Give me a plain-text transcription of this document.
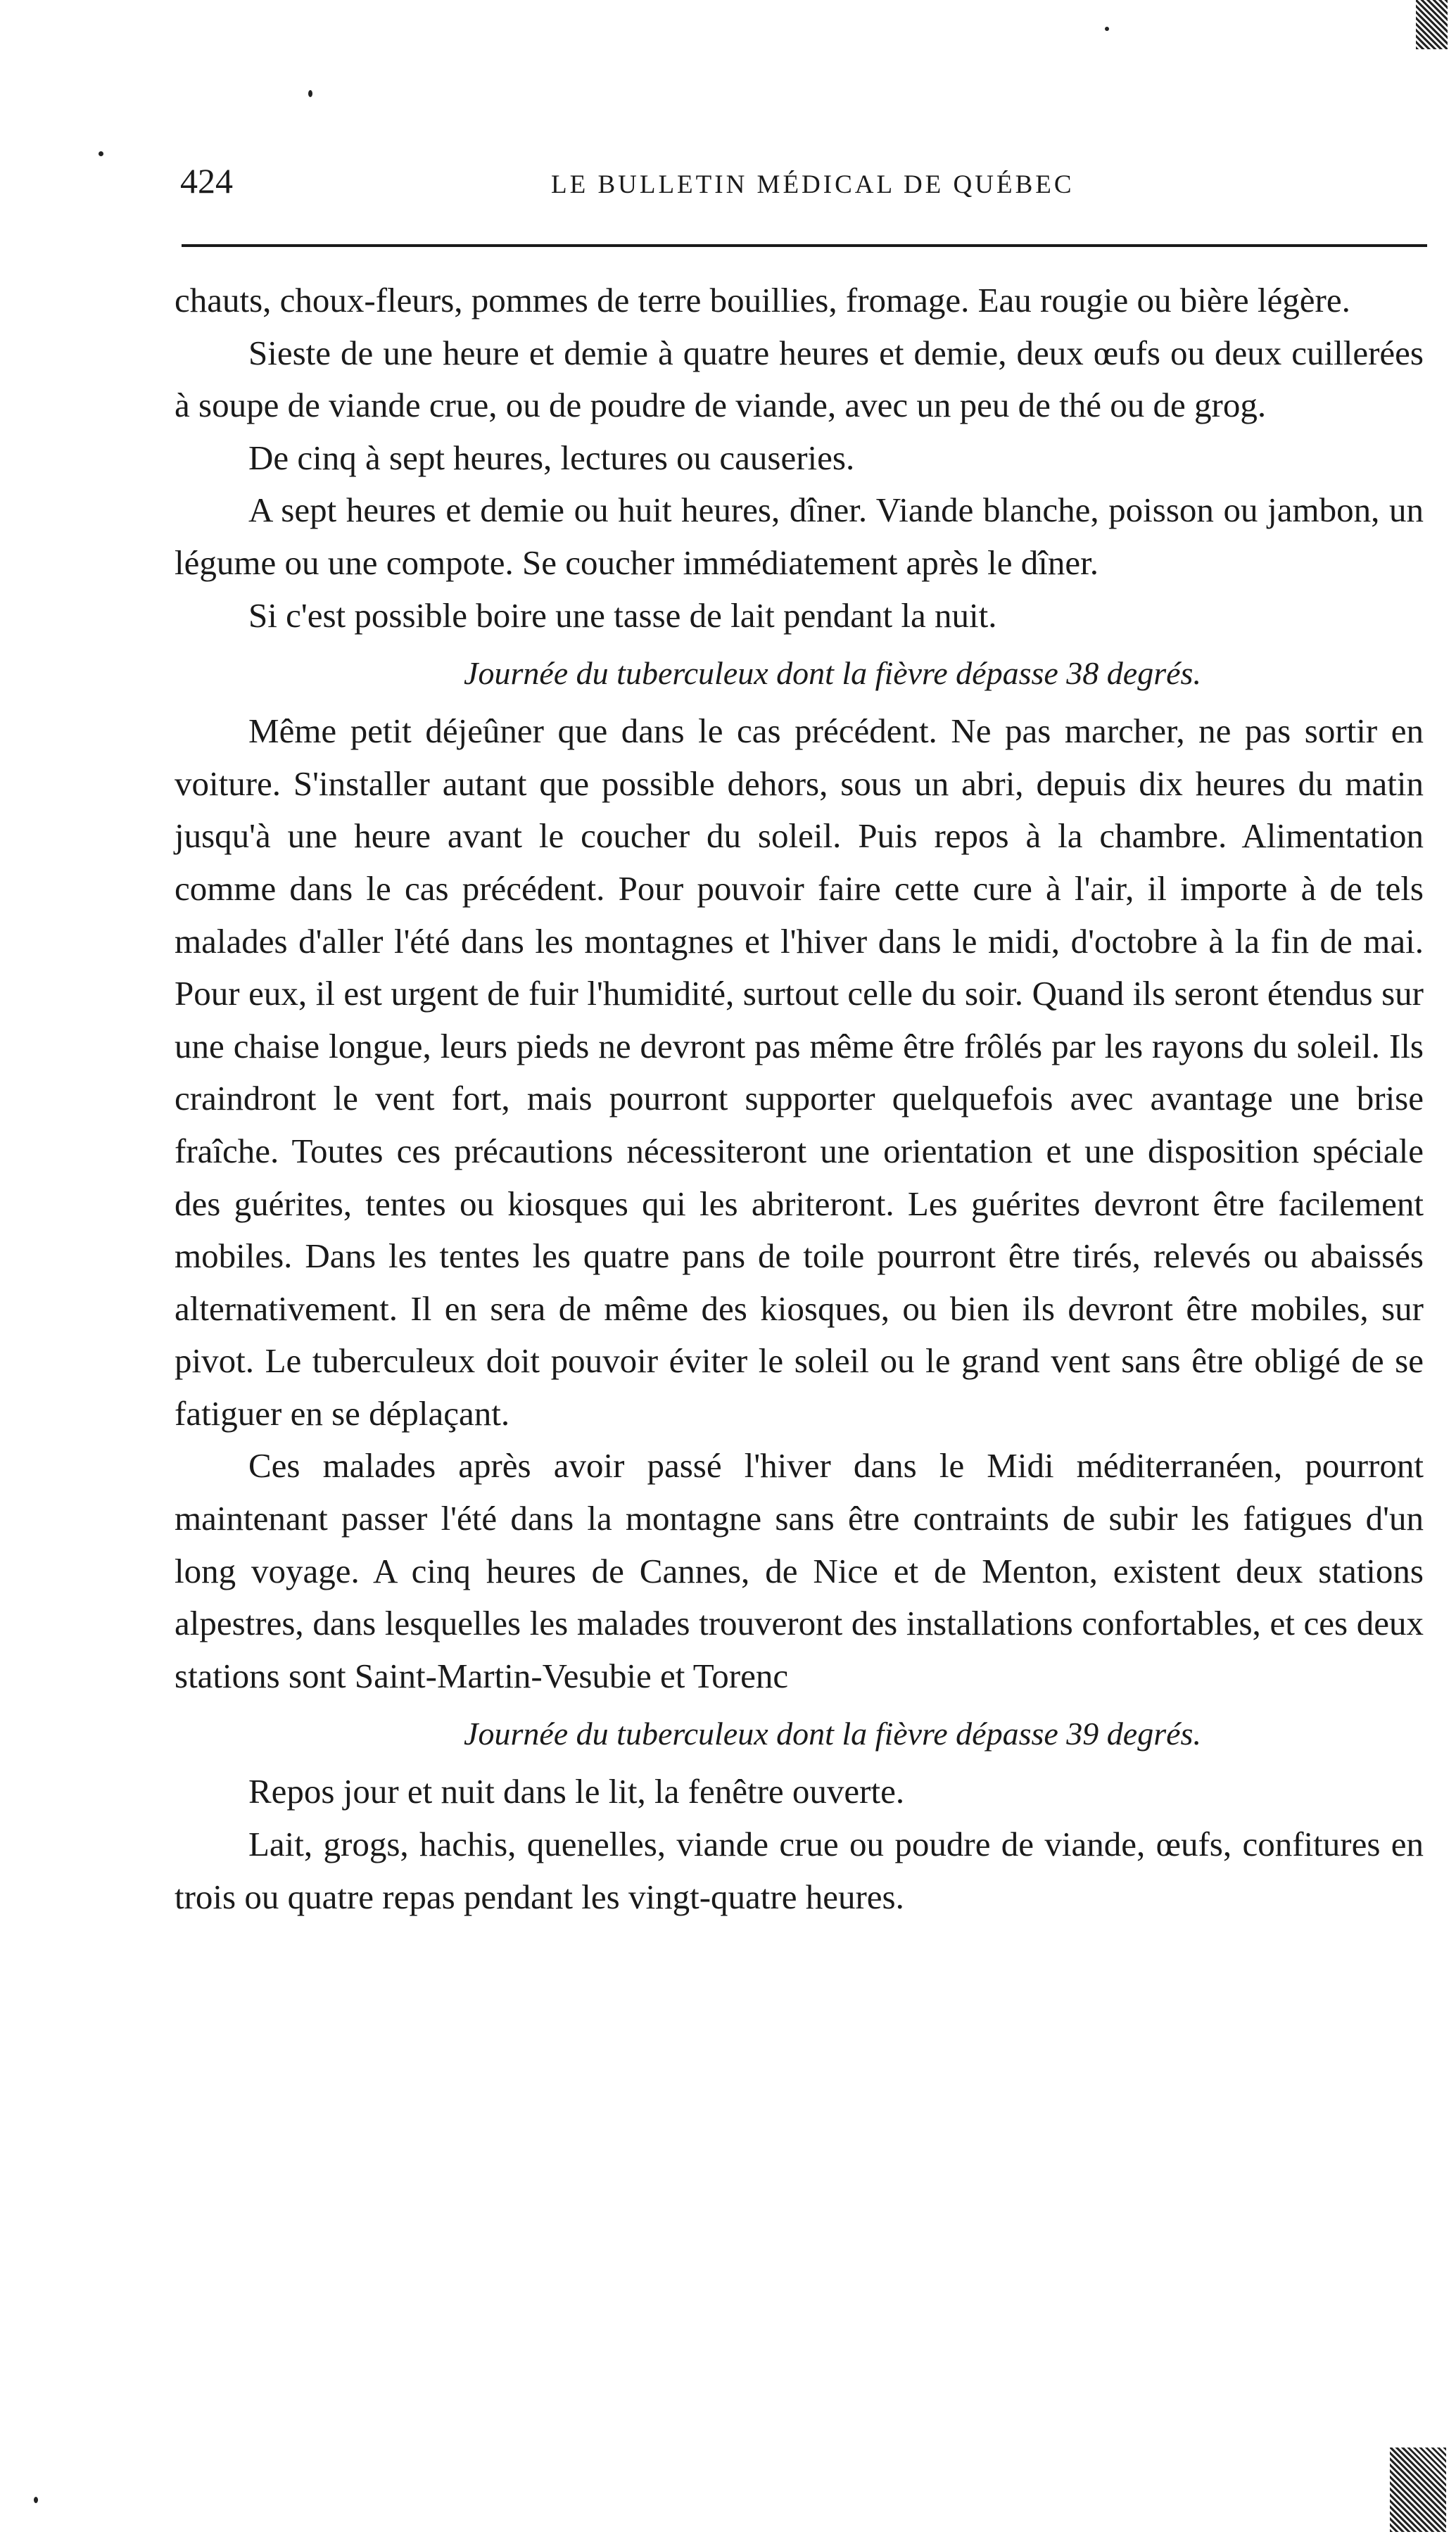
424	LE BULLETIN MÉDICAL DE QUÉBEC

chauts, choux-fleurs, pommes de terre bouillies, fromage. Eau rougie ou bière légère.

Sieste de une heure et demie à quatre heures et demie, deux œufs ou deux cuillerées à soupe de viande crue, ou de poudre de viande, avec un peu de thé ou de grog.

De cinq à sept heures, lectures ou causeries.

A sept heures et demie ou huit heures, dîner. Viande blanche, poisson ou jambon, un légume ou une compote. Se coucher immédiatement après le dîner.

Si c'est possible boire une tasse de lait pendant la nuit.

Journée du tuberculeux dont la fièvre dépasse 38 degrés.

Même petit déjeûner que dans le cas précédent. Ne pas marcher, ne pas sortir en voiture. S'installer autant que possible dehors, sous un abri, depuis dix heures du matin jusqu'à une heure avant le coucher du soleil. Puis repos à la chambre. Alimentation comme dans le cas précédent. Pour pouvoir faire cette cure à l'air, il importe à de tels malades d'aller l'été dans les montagnes et l'hiver dans le midi, d'octobre à la fin de mai. Pour eux, il est urgent de fuir l'humidité, surtout celle du soir. Quand ils seront étendus sur une chaise longue, leurs pieds ne devront pas même être frôlés par les rayons du soleil. Ils craindront le vent fort, mais pourront supporter quelquefois avec avantage une brise fraîche. Toutes ces précautions nécessiteront une orientation et une disposition spéciale des guérites, tentes ou kiosques qui les abriteront. Les guérites devront être facilement mobiles. Dans les tentes les quatre pans de toile pourront être tirés, relevés ou abaissés alternativement. Il en sera de même des kiosques, ou bien ils devront être mobiles, sur pivot. Le tuberculeux doit pouvoir éviter le soleil ou le grand vent sans être obligé de se fatiguer en se déplaçant.

Ces malades après avoir passé l'hiver dans le Midi méditerranéen, pourront maintenant passer l'été dans la montagne sans être contraints de subir les fatigues d'un long voyage. A cinq heures de Cannes, de Nice et de Menton, existent deux stations alpestres, dans lesquelles les malades trouveront des installations confortables, et ces deux stations sont Saint-Martin-Vesubie et Torenc

Journée du tuberculeux dont la fièvre dépasse 39 degrés.

Repos jour et nuit dans le lit, la fenêtre ouverte.

Lait, grogs, hachis, quenelles, viande crue ou poudre de viande, œufs, confitures en trois ou quatre repas pendant les vingt-quatre heures.
